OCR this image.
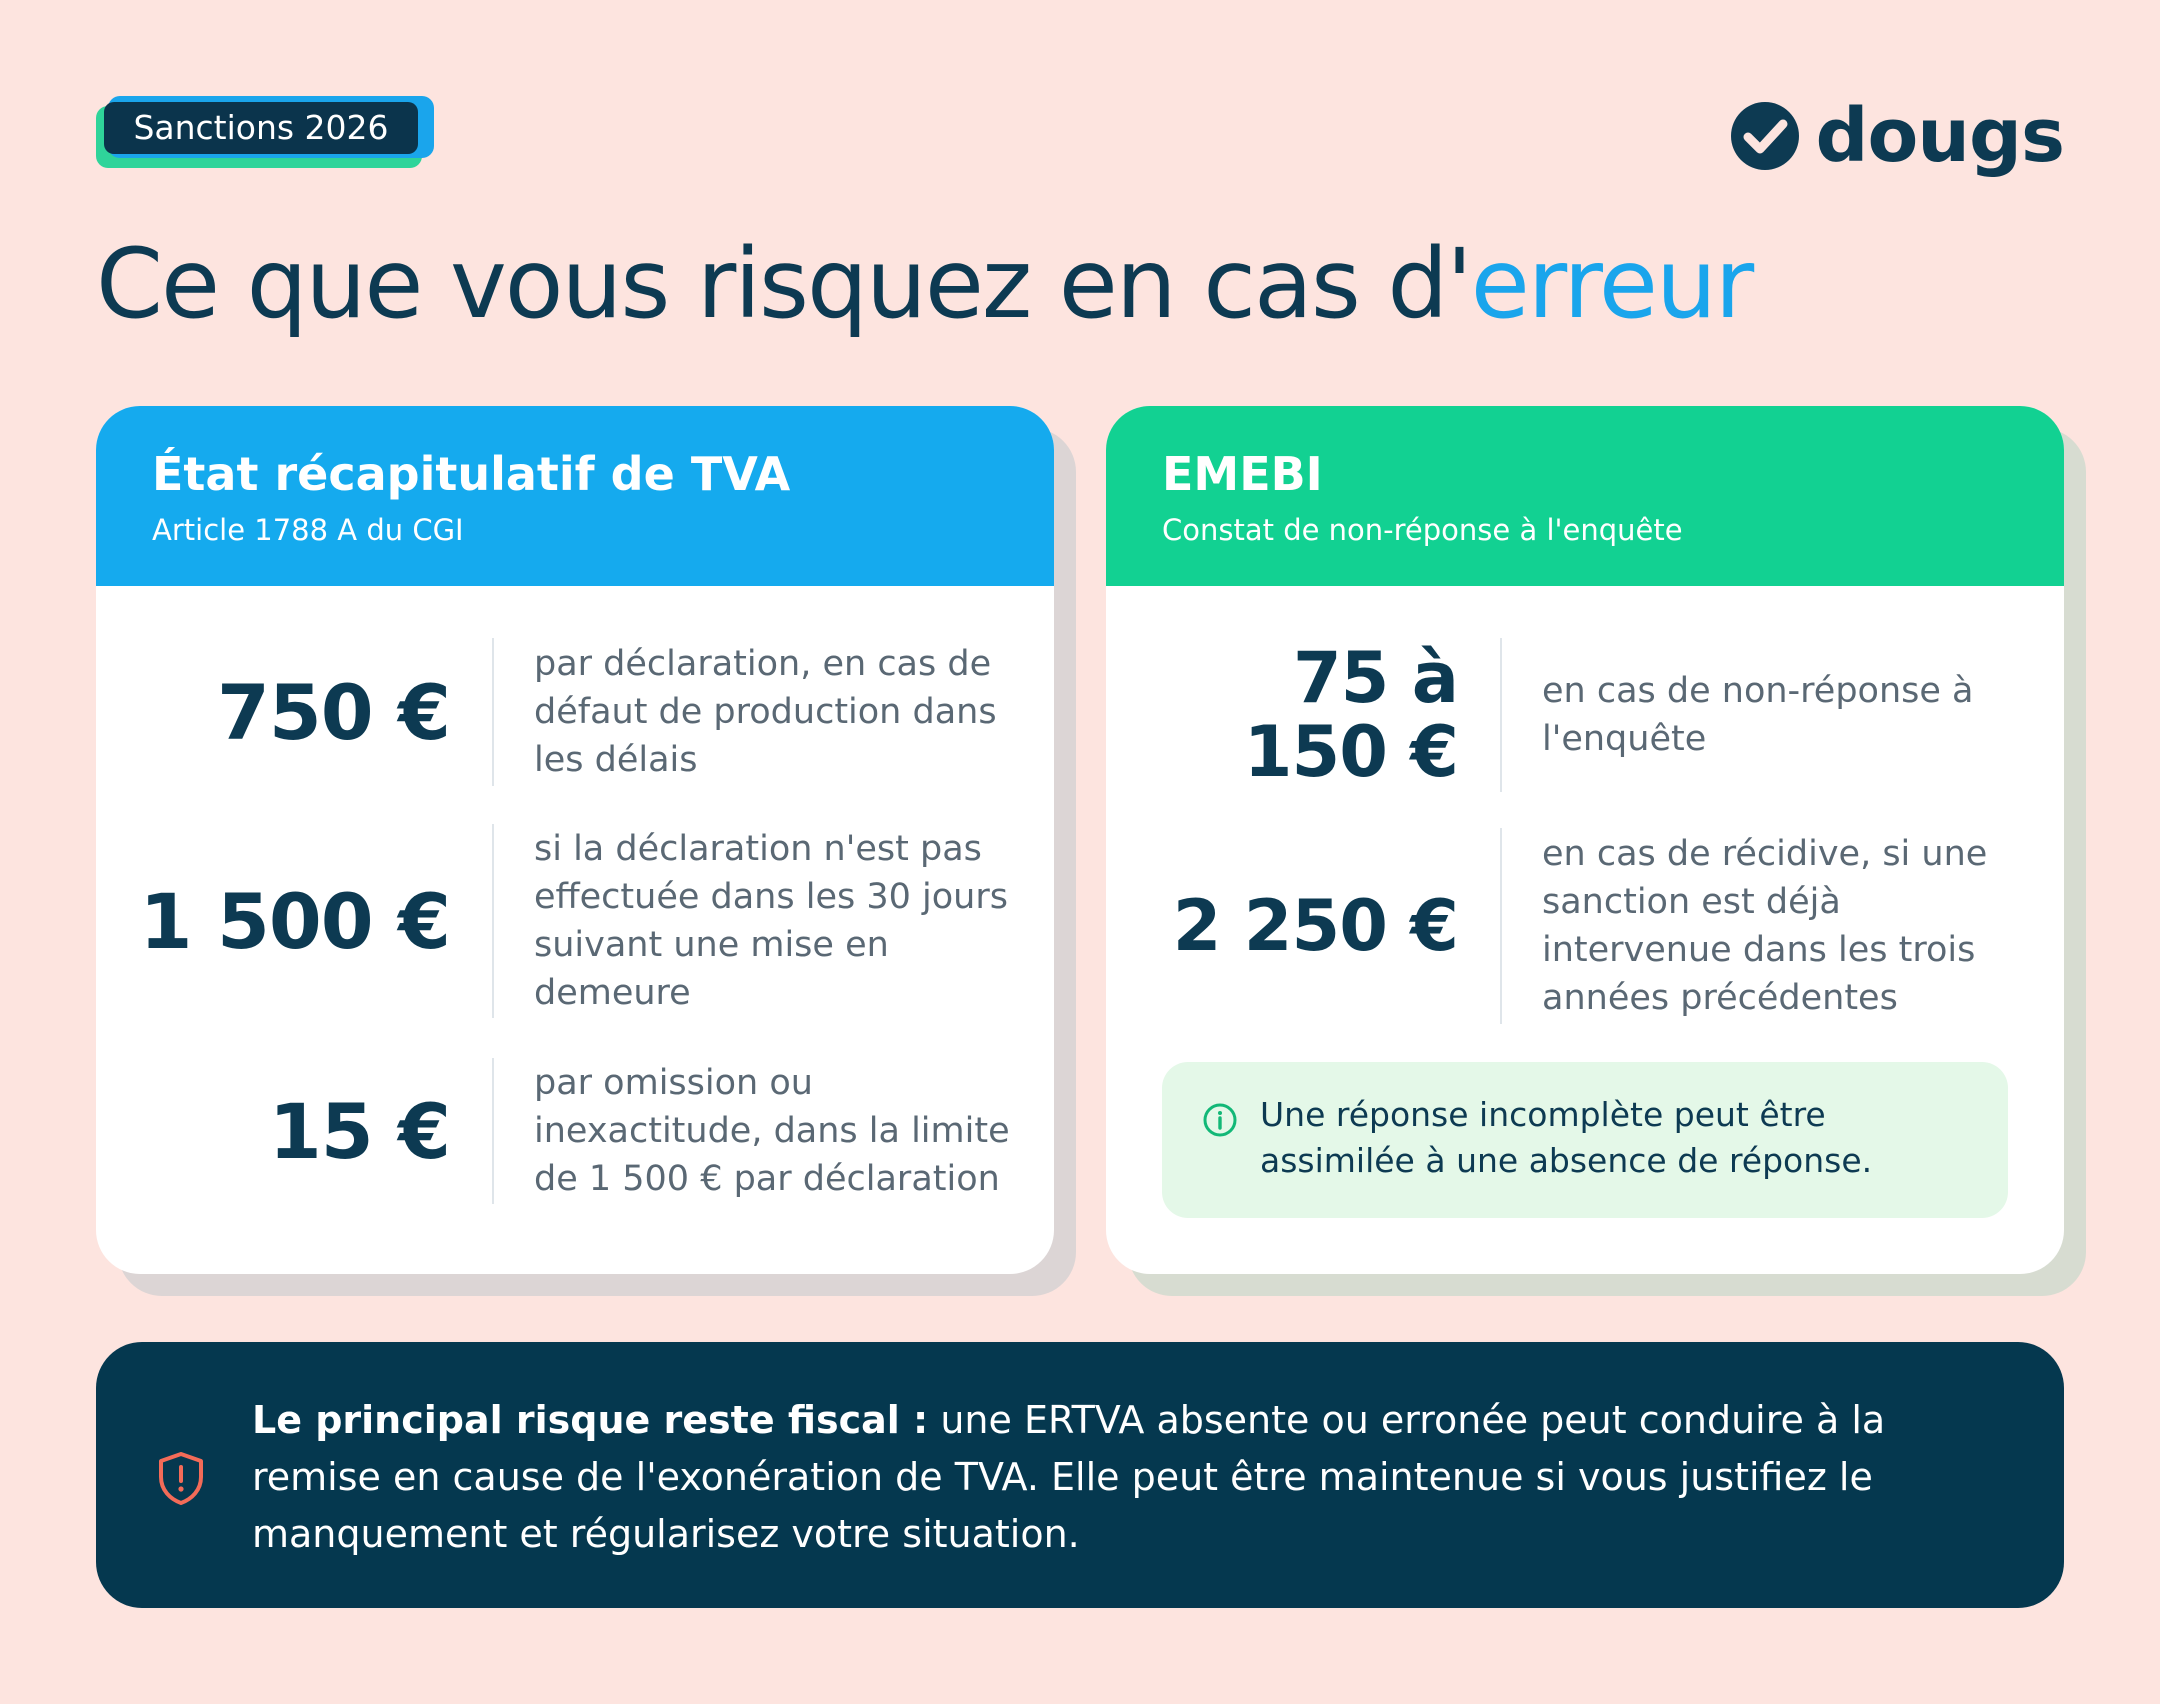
Sanctions 2026	dougs
Ce que vous risquez en cas d'erreur
État récapitulatif de TVA
Article 1788 A du CGI
750 €
par déclaration, en cas de défaut de production dans les délais
1 500 €
si la déclaration n'est pas effectuée dans les 30 jours suivant une mise en demeure
15 €
par omission ou inexactitude, dans la limite de 1 500 € par déclaration
EMEBI
Constat de non-réponse à l'enquête
75 à
150 €
en cas de non-réponse à l'enquête
2 250 €
en cas de récidive, si une sanction est déjà intervenue dans les trois années précédentes
Une réponse incomplète peut être assimilée à une absence de réponse.
Le principal risque reste fiscal : une ERTVA absente ou erronée peut conduire à la remise en cause de l'exonération de TVA. Elle peut être maintenue si vous justifiez le manquement et régularisez votre situation.
